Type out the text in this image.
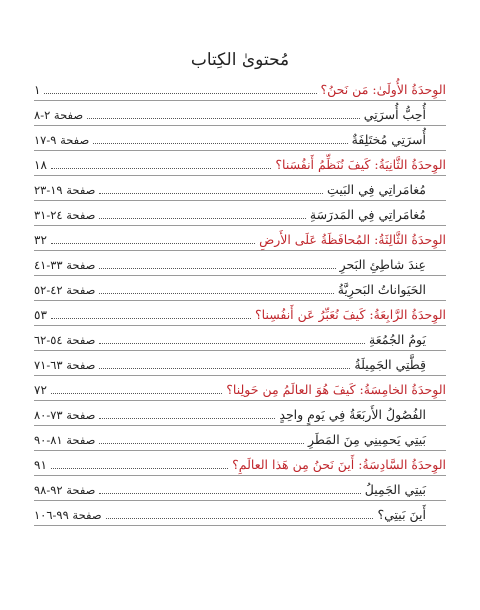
مُحتوىٰ الكِتاب
الوِحدَةُ الأُولَىٰ: مَن نَحنُ؟
١
أُحِبُّ أُسرَتِي
صفحة ٢-٨
أُسرَتِي مُختَلِفَةٌ
صفحة ٩-١٧
الوِحدَةُ الثَّانِيَةُ: كَيفَ نُنَظِّمُ أَنفُسَنا؟
١٨
مُغامَراتِي فِي البَيتِ
صفحة ١٩-٢٣
مُغامَراتِي فِي المَدرَسَةِ
صفحة ٢٤-٣١
الوِحدَةُ الثَّالِثَةُ: المُحافَظَةُ عَلَى الأَرضِ
٣٢
عِندَ شاطِئِ البَحرِ
صفحة ٣٣-٤١
الحَيَواناتُ البَحرِيَّةُ
صفحة ٤٢-٥٢
الوِحدَةُ الرَّابِعَةُ: كَيفَ نُعَبِّرُ عَن أَنفُسِنا؟
٥٣
يَومُ الجُمُعَةِ
صفحة ٥٤-٦٢
قِطَّتِي الجَمِيلَةُ
صفحة ٦٣-٧١
الوِحدَةُ الخامِسَةُ: كَيفَ هُوَ العالَمُ مِن حَولِنا؟
٧٢
الفُصُولُ الأَربَعَةُ فِي يَومٍ واحِدٍ
صفحة ٧٣-٨٠
بَيتِي يَحمِينِي مِنَ المَطَرِ
صفحة ٨١-٩٠
الوِحدَةُ السَّادِسَةُ: أَينَ نَحنُ مِن هَذا العالَمِ؟
٩١
بَيتِي الجَمِيلُ
صفحة ٩٢-٩٨
أَينَ بَيتِي؟
صفحة ٩٩-١٠٦
